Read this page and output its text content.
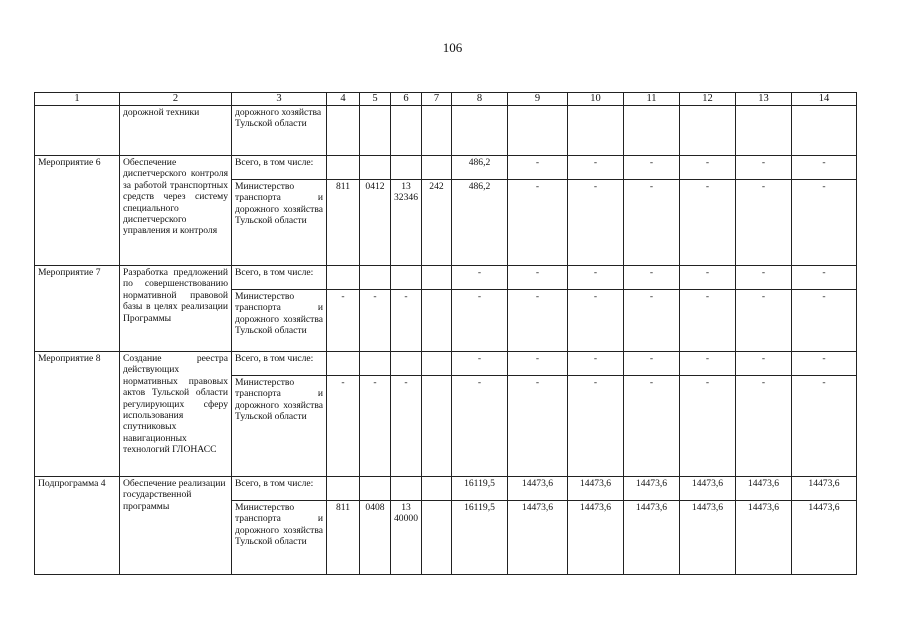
106
1	2	3	4	5	6	7	8	9	10	11	12	13	14
	дорожной техники	дорожного хозяйства Тульской области											
Мероприятие 6	Обеспечение диспетчерского контроля за работой транспортных средств через систему специального диспетчерского управления и контроля	Всего, в том числе:					486,2	-	-	-	-	-	-
		Министерство транспорта и дорожного хозяйства Тульской области	811	0412	13 32346	242	486,2	-	-	-	-	-	-
Мероприятие 7	Разработка предложений по совершенствованию нормативной правовой базы в целях реализации Программы	Всего, в том числе:					-	-	-	-	-	-	-
		Министерство транспорта и дорожного хозяйства Тульской области	-	-	-		-	-	-	-	-	-	-
Мероприятие 8	Создание реестра действующих нормативных правовых актов Тульской области регулирующих сферу использования спутниковых навигационных технологий ГЛОНАСС	Всего, в том числе:					-	-	-	-	-	-	-
		Министерство транспорта и дорожного хозяйства Тульской области	-	-	-		-	-	-	-	-	-	-
Подпрограмма 4	Обеспечение реализации государственной программы	Всего, в том числе:					16119,5	14473,6	14473,6	14473,6	14473,6	14473,6	14473,6
		Министерство транспорта и дорожного хозяйства Тульской области	811	0408	13 40000		16119,5	14473,6	14473,6	14473,6	14473,6	14473,6	14473,6
